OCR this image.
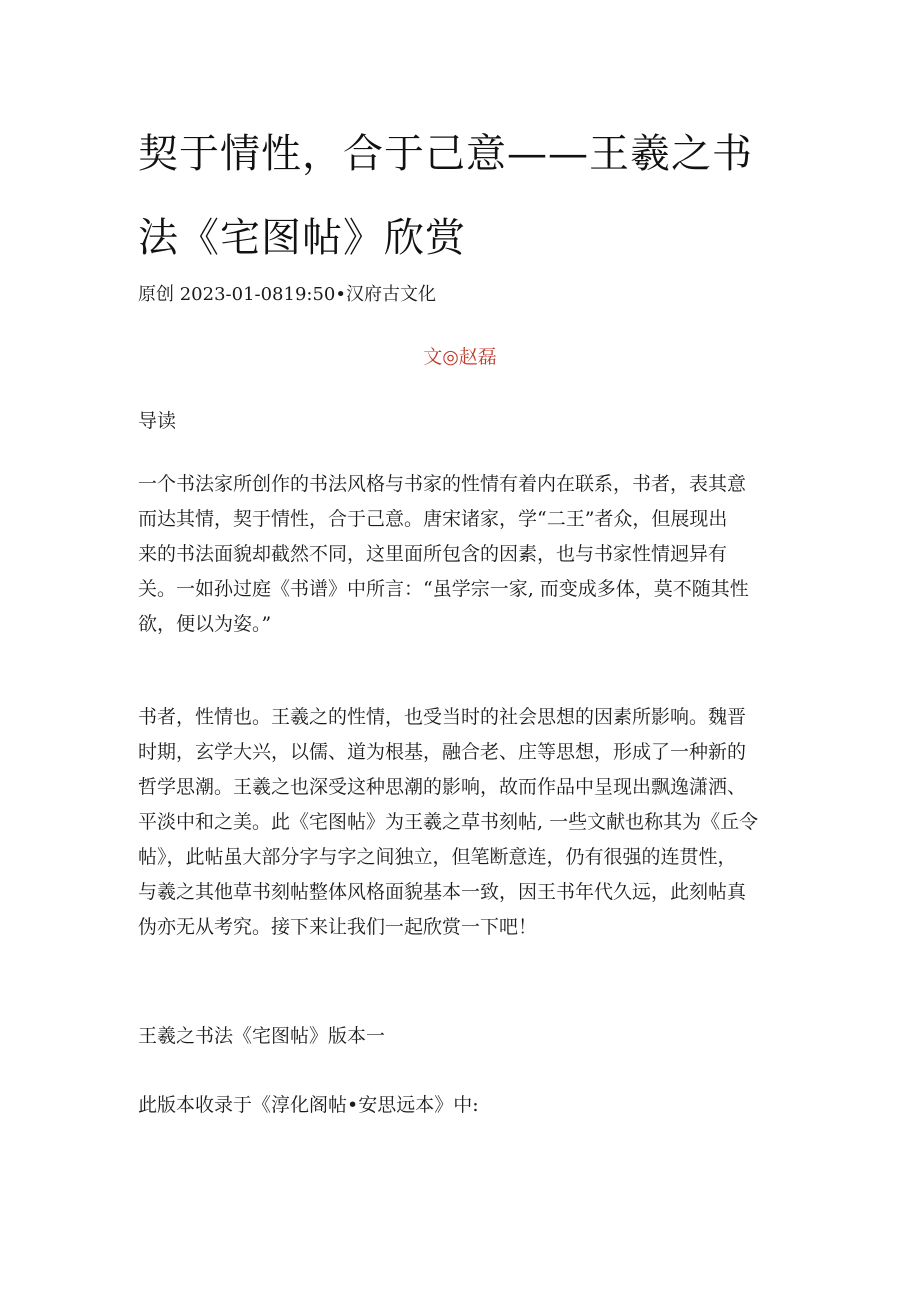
契于情性，合于己意——王羲之书
法《宅图帖》欣赏

原创 2023-01-0819:50•汉府古文化

文◎赵磊

导读

一个书法家所创作的书法风格与书家的性情有着内在联系，书者，表其意
而达其情，契于情性，合于己意。唐宋诸家，学“二王”者众，但展现出
来的书法面貌却截然不同，这里面所包含的因素，也与书家性情迥异有
关。一如孙过庭《书谱》中所言：“虽学宗一家, 而变成多体，莫不随其性
欲，便以为姿。”
书者，性情也。王羲之的性情，也受当时的社会思想的因素所影响。魏晋
时期，玄学大兴，以儒、道为根基，融合老、庄等思想，形成了一种新的
哲学思潮。王羲之也深受这种思潮的影响，故而作品中呈现出飘逸潇洒、
平淡中和之美。此《宅图帖》为王羲之草书刻帖, 一些文献也称其为《丘令
帖》，此帖虽大部分字与字之间独立，但笔断意连，仍有很强的连贯性，
与羲之其他草书刻帖整体风格面貌基本一致，因王书年代久远，此刻帖真
伪亦无从考究。接下来让我们一起欣赏一下吧！

王羲之书法《宅图帖》版本一

此版本收录于《淳化阁帖•安思远本》中:
